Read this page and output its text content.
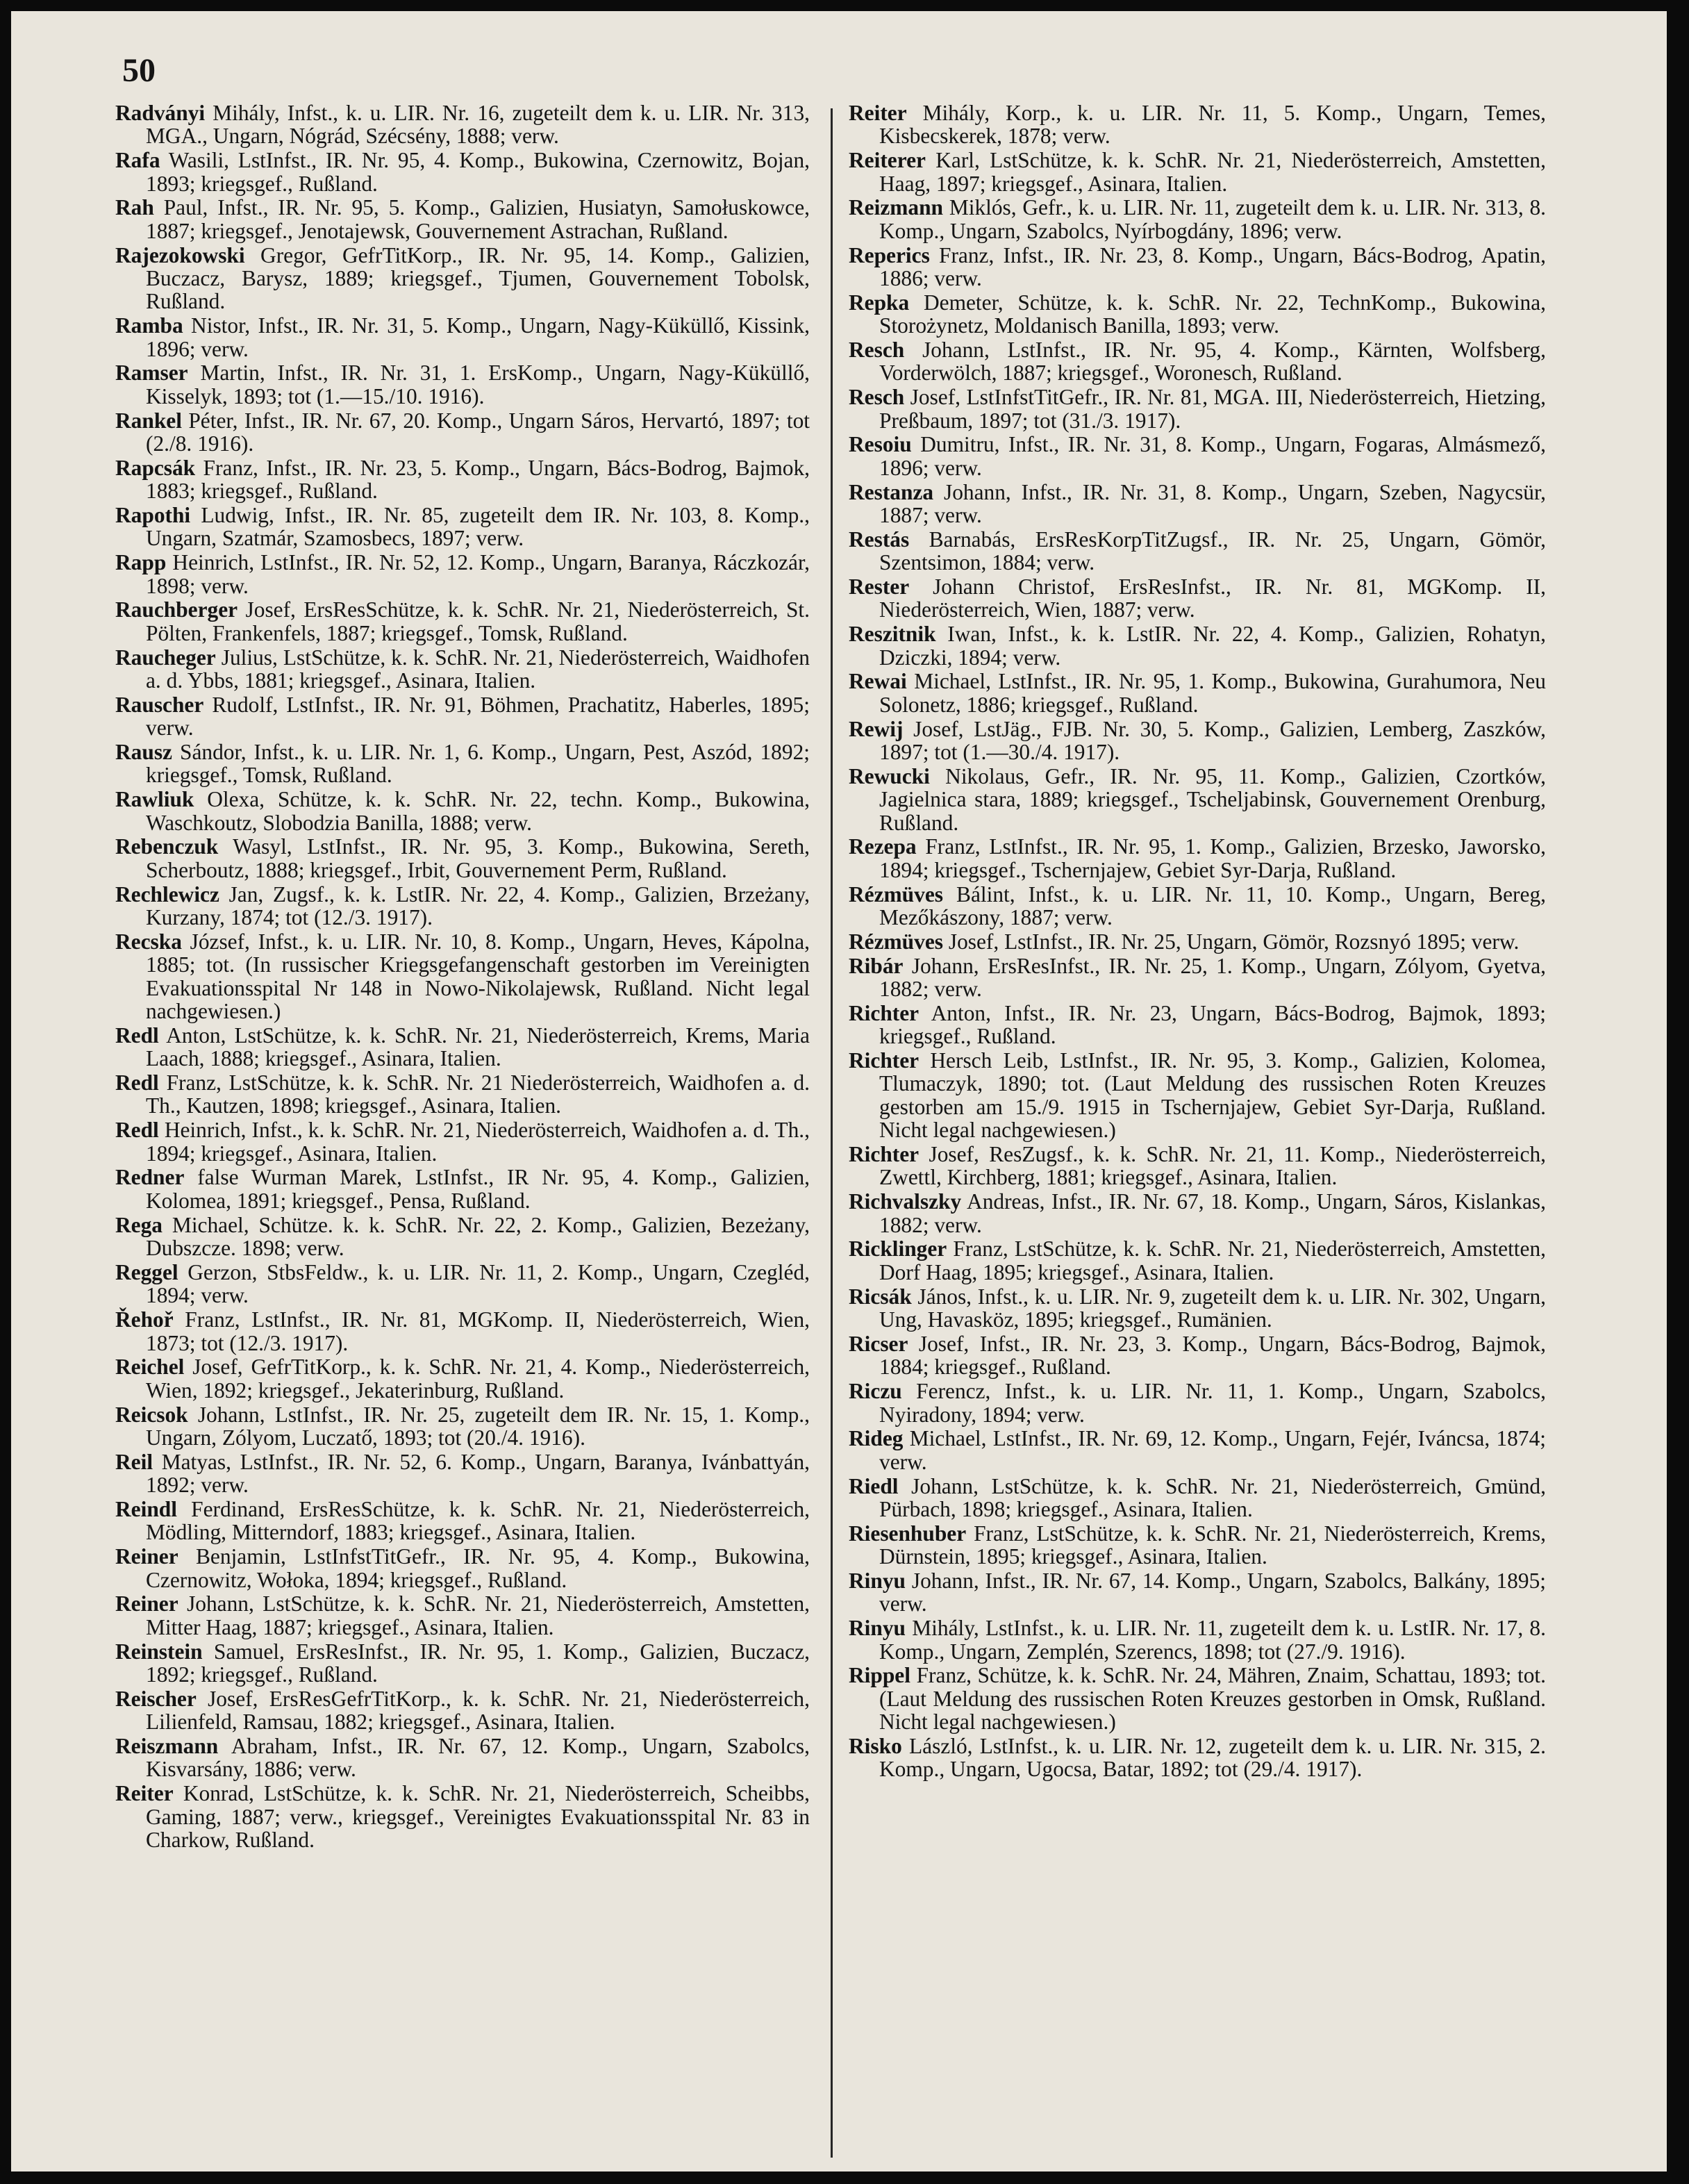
50

Radványi Mihály, Infst., k. u. LIR. Nr. 16, zugeteilt dem k. u. LIR. Nr. 313, MGA., Ungarn, Nógrád, Szécsény, 1888; verw.

Rafa Wasili, LstInfst., IR. Nr. 95, 4. Komp., Bukowina, Czernowitz, Bojan, 1893; kriegsgef., Rußland.

Rah Paul, Infst., IR. Nr. 95, 5. Komp., Galizien, Husiatyn, Samołuskowce, 1887; kriegsgef., Jenotajewsk, Gouvernement Astrachan, Rußland.

Rajezokowski Gregor, GefrTitKorp., IR. Nr. 95, 14. Komp., Galizien, Buczacz, Barysz, 1889; kriegsgef., Tjumen, Gouvernement Tobolsk, Rußland.

Ramba Nistor, Infst., IR. Nr. 31, 5. Komp., Ungarn, Nagy-Küküllő, Kissink, 1896; verw.

Ramser Martin, Infst., IR. Nr. 31, 1. ErsKomp., Ungarn, Nagy-Küküllő, Kisselyk, 1893; tot (1.—15./10. 1916).

Rankel Péter, Infst., IR. Nr. 67, 20. Komp., Ungarn Sáros, Hervartó, 1897; tot (2./8. 1916).

Rapcsák Franz, Infst., IR. Nr. 23, 5. Komp., Ungarn, Bács-Bodrog, Bajmok, 1883; kriegsgef., Rußland.

Rapothi Ludwig, Infst., IR. Nr. 85, zugeteilt dem IR. Nr. 103, 8. Komp., Ungarn, Szatmár, Szamosbecs, 1897; verw.

Rapp Heinrich, LstInfst., IR. Nr. 52, 12. Komp., Ungarn, Baranya, Ráczkozár, 1898; verw.

Rauchberger Josef, ErsResSchütze, k. k. SchR. Nr. 21, Niederösterreich, St. Pölten, Frankenfels, 1887; kriegsgef., Tomsk, Rußland.

Raucheger Julius, LstSchütze, k. k. SchR. Nr. 21, Niederösterreich, Waidhofen a. d. Ybbs, 1881; kriegsgef., Asinara, Italien.

Rauscher Rudolf, LstInfst., IR. Nr. 91, Böhmen, Prachatitz, Haberles, 1895; verw.

Rausz Sándor, Infst., k. u. LIR. Nr. 1, 6. Komp., Ungarn, Pest, Aszód, 1892; kriegsgef., Tomsk, Rußland.

Rawliuk Olexa, Schütze, k. k. SchR. Nr. 22, techn. Komp., Bukowina, Waschkoutz, Slobodzia Banilla, 1888; verw.

Rebenczuk Wasyl, LstInfst., IR. Nr. 95, 3. Komp., Bukowina, Sereth, Scherboutz, 1888; kriegsgef., Irbit, Gouvernement Perm, Rußland.

Rechlewicz Jan, Zugsf., k. k. LstIR. Nr. 22, 4. Komp., Galizien, Brzeżany, Kurzany, 1874; tot (12./3. 1917).

Recska József, Infst., k. u. LIR. Nr. 10, 8. Komp., Ungarn, Heves, Kápolna, 1885; tot. (In russischer Kriegsgefangenschaft gestorben im Vereinigten Evakuationsspital Nr 148 in Nowo-Nikolajewsk, Rußland. Nicht legal nachgewiesen.)

Redl Anton, LstSchütze, k. k. SchR. Nr. 21, Niederösterreich, Krems, Maria Laach, 1888; kriegsgef., Asinara, Italien.

Redl Franz, LstSchütze, k. k. SchR. Nr. 21 Niederösterreich, Waidhofen a. d. Th., Kautzen, 1898; kriegsgef., Asinara, Italien.

Redl Heinrich, Infst., k. k. SchR. Nr. 21, Niederösterreich, Waidhofen a. d. Th., 1894; kriegsgef., Asinara, Italien.

Redner false Wurman Marek, LstInfst., IR Nr. 95, 4. Komp., Galizien, Kolomea, 1891; kriegsgef., Pensa, Rußland.

Rega Michael, Schütze. k. k. SchR. Nr. 22, 2. Komp., Galizien, Bezeżany, Dubszcze. 1898; verw.

Reggel Gerzon, StbsFeldw., k. u. LIR. Nr. 11, 2. Komp., Ungarn, Czegléd, 1894; verw.

Řehoř Franz, LstInfst., IR. Nr. 81, MGKomp. II, Niederösterreich, Wien, 1873; tot (12./3. 1917).

Reichel Josef, GefrTitKorp., k. k. SchR. Nr. 21, 4. Komp., Niederösterreich, Wien, 1892; kriegsgef., Jekaterinburg, Rußland.

Reicsok Johann, LstInfst., IR. Nr. 25, zugeteilt dem IR. Nr. 15, 1. Komp., Ungarn, Zólyom, Luczatő, 1893; tot (20./4. 1916).

Reil Matyas, LstInfst., IR. Nr. 52, 6. Komp., Ungarn, Baranya, Ivánbattyán, 1892; verw.

Reindl Ferdinand, ErsResSchütze, k. k. SchR. Nr. 21, Niederösterreich, Mödling, Mitterndorf, 1883; kriegsgef., Asinara, Italien.

Reiner Benjamin, LstInfstTitGefr., IR. Nr. 95, 4. Komp., Bukowina, Czernowitz, Wołoka, 1894; kriegsgef., Rußland.

Reiner Johann, LstSchütze, k. k. SchR. Nr. 21, Niederösterreich, Amstetten, Mitter Haag, 1887; kriegsgef., Asinara, Italien.

Reinstein Samuel, ErsResInfst., IR. Nr. 95, 1. Komp., Galizien, Buczacz, 1892; kriegsgef., Rußland.

Reischer Josef, ErsResGefrTitKorp., k. k. SchR. Nr. 21, Niederösterreich, Lilienfeld, Ramsau, 1882; kriegsgef., Asinara, Italien.

Reiszmann Abraham, Infst., IR. Nr. 67, 12. Komp., Ungarn, Szabolcs, Kisvarsány, 1886; verw.

Reiter Konrad, LstSchütze, k. k. SchR. Nr. 21, Niederösterreich, Scheibbs, Gaming, 1887; verw., kriegsgef., Vereinigtes Evakuationsspital Nr. 83 in Charkow, Rußland.

Reiter Mihály, Korp., k. u. LIR. Nr. 11, 5. Komp., Ungarn, Temes, Kisbecskerek, 1878; verw.

Reiterer Karl, LstSchütze, k. k. SchR. Nr. 21, Niederösterreich, Amstetten, Haag, 1897; kriegsgef., Asinara, Italien.

Reizmann Miklós, Gefr., k. u. LIR. Nr. 11, zugeteilt dem k. u. LIR. Nr. 313, 8. Komp., Ungarn, Szabolcs, Nyírbogdány, 1896; verw.

Reperics Franz, Infst., IR. Nr. 23, 8. Komp., Ungarn, Bács-Bodrog, Apatin, 1886; verw.

Repka Demeter, Schütze, k. k. SchR. Nr. 22, TechnKomp., Bukowina, Storożynetz, Moldanisch Banilla, 1893; verw.

Resch Johann, LstInfst., IR. Nr. 95, 4. Komp., Kärnten, Wolfsberg, Vorderwölch, 1887; kriegsgef., Woronesch, Rußland.

Resch Josef, LstInfstTitGefr., IR. Nr. 81, MGA. III, Niederösterreich, Hietzing, Preßbaum, 1897; tot (31./3. 1917).

Resoiu Dumitru, Infst., IR. Nr. 31, 8. Komp., Ungarn, Fogaras, Almásmező, 1896; verw.

Restanza Johann, Infst., IR. Nr. 31, 8. Komp., Ungarn, Szeben, Nagycsür, 1887; verw.

Restás Barnabás, ErsResKorpTitZugsf., IR. Nr. 25, Ungarn, Gömör, Szentsimon, 1884; verw.

Rester Johann Christof, ErsResInfst., IR. Nr. 81, MGKomp. II, Niederösterreich, Wien, 1887; verw.

Reszitnik Iwan, Infst., k. k. LstIR. Nr. 22, 4. Komp., Galizien, Rohatyn, Dziczki, 1894; verw.

Rewai Michael, LstInfst., IR. Nr. 95, 1. Komp., Bukowina, Gurahumora, Neu Solonetz, 1886; kriegsgef., Rußland.

Rewij Josef, LstJäg., FJB. Nr. 30, 5. Komp., Galizien, Lemberg, Zaszków, 1897; tot (1.—30./4. 1917).

Rewucki Nikolaus, Gefr., IR. Nr. 95, 11. Komp., Galizien, Czortków, Jagielnica stara, 1889; kriegsgef., Tscheljabinsk, Gouvernement Orenburg, Rußland.

Rezepa Franz, LstInfst., IR. Nr. 95, 1. Komp., Galizien, Brzesko, Jaworsko, 1894; kriegsgef., Tschernjajew, Gebiet Syr-Darja, Rußland.

Rézmüves Bálint, Infst., k. u. LIR. Nr. 11, 10. Komp., Ungarn, Bereg, Mezőkászony, 1887; verw.

Rézmüves Josef, LstInfst., IR. Nr. 25, Ungarn, Gömör, Rozsnyó 1895; verw.

Ribár Johann, ErsResInfst., IR. Nr. 25, 1. Komp., Ungarn, Zólyom, Gyetva, 1882; verw.

Richter Anton, Infst., IR. Nr. 23, Ungarn, Bács-Bodrog, Bajmok, 1893; kriegsgef., Rußland.

Richter Hersch Leib, LstInfst., IR. Nr. 95, 3. Komp., Galizien, Kolomea, Tlumaczyk, 1890; tot. (Laut Meldung des russischen Roten Kreuzes gestorben am 15./9. 1915 in Tschernjajew, Gebiet Syr-Darja, Rußland. Nicht legal nachgewiesen.)

Richter Josef, ResZugsf., k. k. SchR. Nr. 21, 11. Komp., Niederösterreich, Zwettl, Kirchberg, 1881; kriegsgef., Asinara, Italien.

Richvalszky Andreas, Infst., IR. Nr. 67, 18. Komp., Ungarn, Sáros, Kislankas, 1882; verw.

Ricklinger Franz, LstSchütze, k. k. SchR. Nr. 21, Niederösterreich, Amstetten, Dorf Haag, 1895; kriegsgef., Asinara, Italien.

Ricsák János, Infst., k. u. LIR. Nr. 9, zugeteilt dem k. u. LIR. Nr. 302, Ungarn, Ung, Havasköz, 1895; kriegsgef., Rumänien.

Ricser Josef, Infst., IR. Nr. 23, 3. Komp., Ungarn, Bács-Bodrog, Bajmok, 1884; kriegsgef., Rußland.

Riczu Ferencz, Infst., k. u. LIR. Nr. 11, 1. Komp., Ungarn, Szabolcs, Nyiradony, 1894; verw.

Rideg Michael, LstInfst., IR. Nr. 69, 12. Komp., Ungarn, Fejér, Iváncsa, 1874; verw.

Riedl Johann, LstSchütze, k. k. SchR. Nr. 21, Niederösterreich, Gmünd, Pürbach, 1898; kriegsgef., Asinara, Italien.

Riesenhuber Franz, LstSchütze, k. k. SchR. Nr. 21, Niederösterreich, Krems, Dürnstein, 1895; kriegsgef., Asinara, Italien.

Rinyu Johann, Infst., IR. Nr. 67, 14. Komp., Ungarn, Szabolcs, Balkány, 1895; verw.

Rinyu Mihály, LstInfst., k. u. LIR. Nr. 11, zugeteilt dem k. u. LstIR. Nr. 17, 8. Komp., Ungarn, Zemplén, Szerencs, 1898; tot (27./9. 1916).

Rippel Franz, Schütze, k. k. SchR. Nr. 24, Mähren, Znaim, Schattau, 1893; tot. (Laut Meldung des russischen Roten Kreuzes gestorben in Omsk, Rußland. Nicht legal nachgewiesen.)

Risko László, LstInfst., k. u. LIR. Nr. 12, zugeteilt dem k. u. LIR. Nr. 315, 2. Komp., Ungarn, Ugocsa, Batar, 1892; tot (29./4. 1917).
